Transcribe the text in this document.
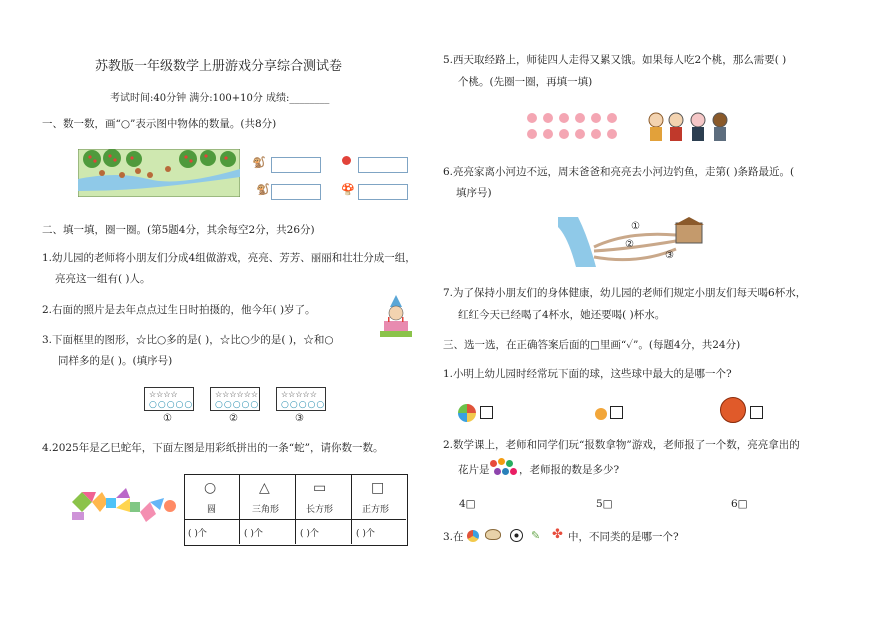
苏教版一年级数学上册游戏分享综合测试卷
考试时间:40分钟 满分:100+10分 成绩:________
一、数一数，画“○”表示图中物体的数量。(共8分)
🐒
🐒	🍄
二、填一填，圈一圈。(第5题4分，其余每空2分，共26分)
1.幼儿园的老师将小朋友们分成4组做游戏，亮亮、芳芳、丽丽和壮壮分成一组，
亮亮这一组有( )人。
2.右面的照片是去年点点过生日时拍摄的，他今年( )岁了。
3.下面框里的图形，☆比○多的是( )，☆比○少的是( )，☆和○
同样多的是( )。(填序号)
☆☆☆☆
○○○○○
☆☆☆☆☆☆
○○○○○
☆☆☆☆☆
○○○○○
①	②	③
4.2025年是乙巳蛇年，下面左图是用彩纸拼出的一条“蛇”，请你数一数。
○	△	▭	□
圆	三角形	长方形	正方形
( )个	( )个	( )个	( )个
5.西天取经路上，师徒四人走得又累又饿。如果每人吃2个桃，那么需要( )
个桃。(先圈一圈，再填一填)
6.亮亮家离小河边不远，周末爸爸和亮亮去小河边钓鱼，走第( )条路最近。(
填序号)
①
②
③
7.为了保持小朋友们的身体健康，幼儿园的老师们规定小朋友们每天喝6杯水，
红红今天已经喝了4杯水，她还要喝( )杯水。
三、选一选，在正确答案后面的□里画“✓”。(每题4分，共24分)
1.小明上幼儿园时经常玩下面的球，这些球中最大的是哪一个?
2.数学课上，老师和同学们玩“报数拿物”游戏，老师报了一个数，亮亮拿出的
花片是	，老师报的数是多少?
4□	5□	6□
3.在	✎ ✤ 中，不同类的是哪一个?
